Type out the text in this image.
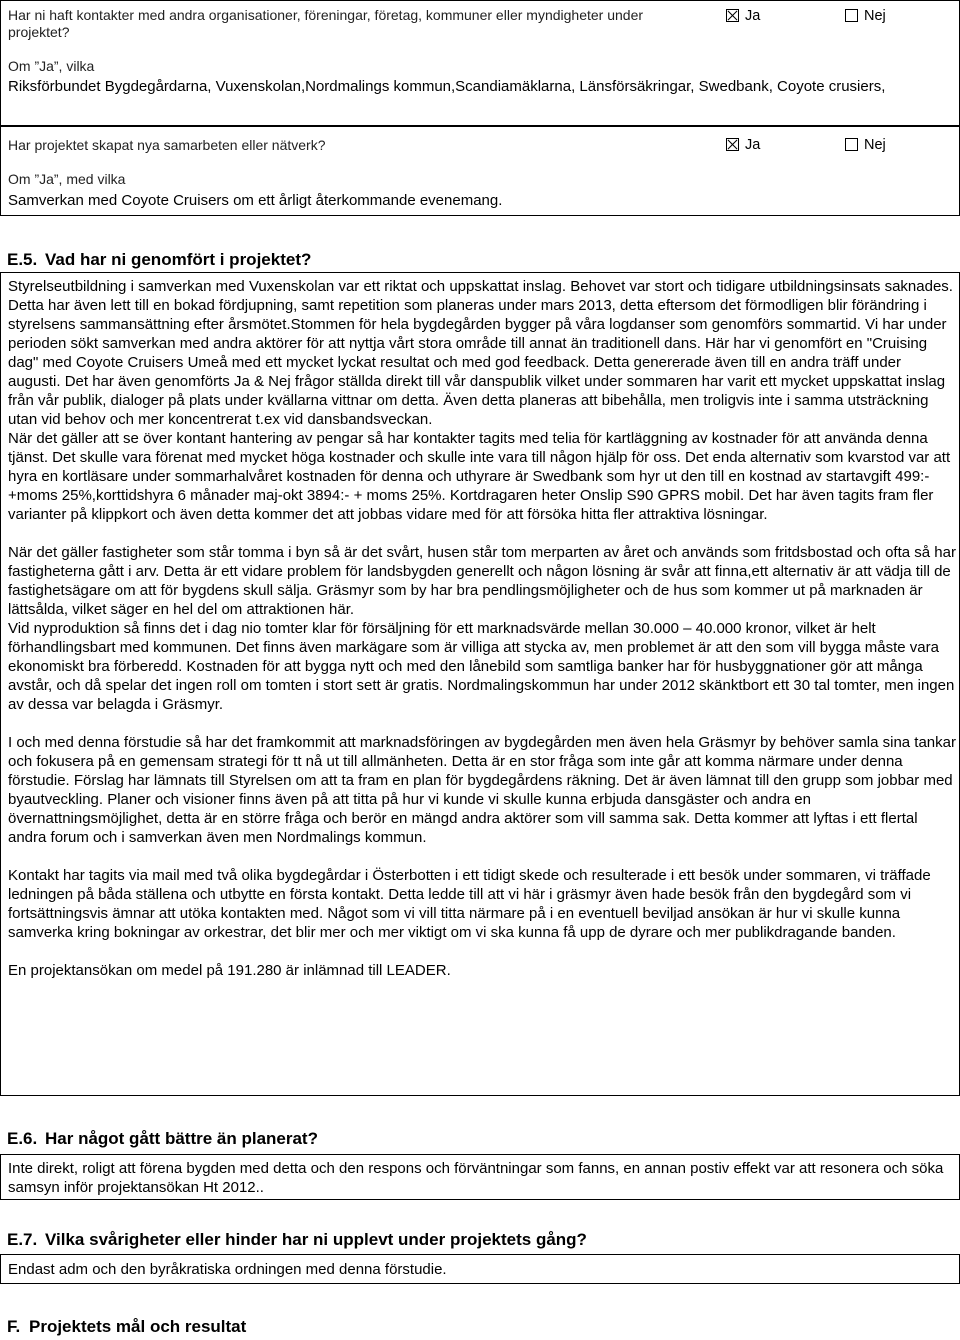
Har ni haft kontakter med andra organisationer, föreningar, företag, kommuner eller myndigheter under projektet?
Ja	Nej
Om ”Ja”, vilka
Riksförbundet Bygdegårdarna, Vuxenskolan,Nordmalings kommun,Scandiamäklarna, Länsförsäkringar, Swedbank, Coyote crusiers,
Har projektet skapat nya samarbeten eller nätverk?	Ja	Nej
Om ”Ja”, med vilka
Samverkan med Coyote Cruisers om ett årligt återkommande evenemang.
E.5. Vad har ni genomfört i projektet?

Styrelseutbildning i samverkan med Vuxenskolan var ett riktat och uppskattat inslag. Behovet var stort och tidigare utbildningsinsats saknades. Detta har även lett till en bokad fördjupning, samt repetition som planeras under mars 2013, detta eftersom det förmodligen blir förändring i styrelsens sammansättning efter årsmötet.Stommen för hela bygdegården bygger på våra logdanser som genomförs sommartid. Vi har under perioden sökt samverkan med andra aktörer för att nyttja vårt stora område till annat än traditionell dans. Här har vi genomfört en "Cruising dag" med Coyote Cruisers Umeå med ett mycket lyckat resultat och med god feedback. Detta genererade även till en andra träff under augusti. Det har även genomförts Ja & Nej frågor ställda direkt till vår danspublik vilket under sommaren har varit ett mycket uppskattat inslag från vår publik, dialoger på plats under kvällarna vittnar om detta. Även detta planeras att bibehålla, men troligvis inte i samma utsträckning utan vid behov och mer koncentrerat t.ex vid dansbandsveckan.

När det gäller att se över kontant hantering av pengar så har kontakter tagits med telia för kartläggning av kostnader för att använda denna tjänst. Det skulle vara förenat med mycket höga kostnader och skulle inte vara till någon hjälp för oss. Det enda alternativ som kvarstod var att hyra en kortläsare under sommarhalvåret kostnaden för denna och uthyrare är Swedbank som hyr ut den till en kostnad av startavgift 499:-+moms 25%,korttidshyra 6 månader maj-okt 3894:- + moms 25%. Kortdragaren heter Onslip S90 GPRS mobil. Det har även tagits fram fler varianter på klippkort och även detta kommer det att jobbas vidare med för att försöka hitta fler attraktiva lösningar.

När det gäller fastigheter som står tomma i byn så är det svårt, husen står tom merparten av året och används som fritdsbostad och ofta så har fastigheterna gått i arv. Detta är ett vidare problem för landsbygden generellt och någon lösning är svår att finna,ett alternativ är att vädja till de fastighetsägare om att för bygdens skull sälja. Gräsmyr som by har bra pendlingsmöjligheter och de hus som kommer ut på marknaden är lättsålda, vilket säger en hel del om attraktionen här.

Vid nyproduktion så finns det i dag nio tomter klar för försäljning för ett marknadsvärde mellan 30.000 – 40.000 kronor, vilket är helt förhandlingsbart med kommunen. Det finns även markägare som är villiga att stycka av, men problemet är att den som vill bygga måste vara ekonomiskt bra förberedd. Kostnaden för att bygga nytt och med den lånebild som samtliga banker har för husbyggnationer gör att många avstår, och då spelar det ingen roll om tomten i stort sett är gratis. Nordmalingskommun har under 2012 skänktbort ett 30 tal tomter, men ingen av dessa var belagda i Gräsmyr.

I och med denna förstudie så har det framkommit att marknadsföringen av bygdegården men även hela Gräsmyr by behöver samla sina tankar och fokusera på en gemensam strategi för tt nå ut till allmänheten. Detta är en stor fråga som inte går att komma närmare under denna förstudie. Förslag har lämnats till Styrelsen om att ta fram en plan för bygdegårdens räkning. Det är även lämnat till den grupp som jobbar med byautveckling. Planer och visioner finns även på att titta på hur vi kunde vi skulle kunna erbjuda dansgäster och andra en övernattningsmöjlighet, detta är en större fråga och berör en mängd andra aktörer som vill samma sak. Detta kommer att lyftas i ett flertal andra forum och i samverkan även men Nordmalings kommun.

Kontakt har tagits via mail med två olika bygdegårdar i Österbotten i ett tidigt skede och resulterade i ett besök under sommaren, vi träffade ledningen på båda ställena och utbytte en första kontakt. Detta ledde till att vi här i gräsmyr även hade besök från den bygdegård som vi fortsättningsvis ämnar att utöka kontakten med. Något som vi vill titta närmare på i en eventuell beviljad ansökan är hur vi skulle kunna samverka kring bokningar av orkestrar, det blir mer och mer viktigt om vi ska kunna få upp de dyrare och mer publikdragande banden.

En projektansökan om medel på 191.280 är inlämnad till LEADER.

E.6. Har något gått bättre än planerat?
Inte direkt, roligt att förena bygden med detta och den respons och förväntningar som fanns, en annan postiv effekt var att resonera och söka samsyn inför projektansökan Ht 2012..
E.7. Vilka svårigheter eller hinder har ni upplevt under projektets gång?
Endast adm och den byråkratiska ordningen med denna förstudie.
F. Projektets mål och resultat
